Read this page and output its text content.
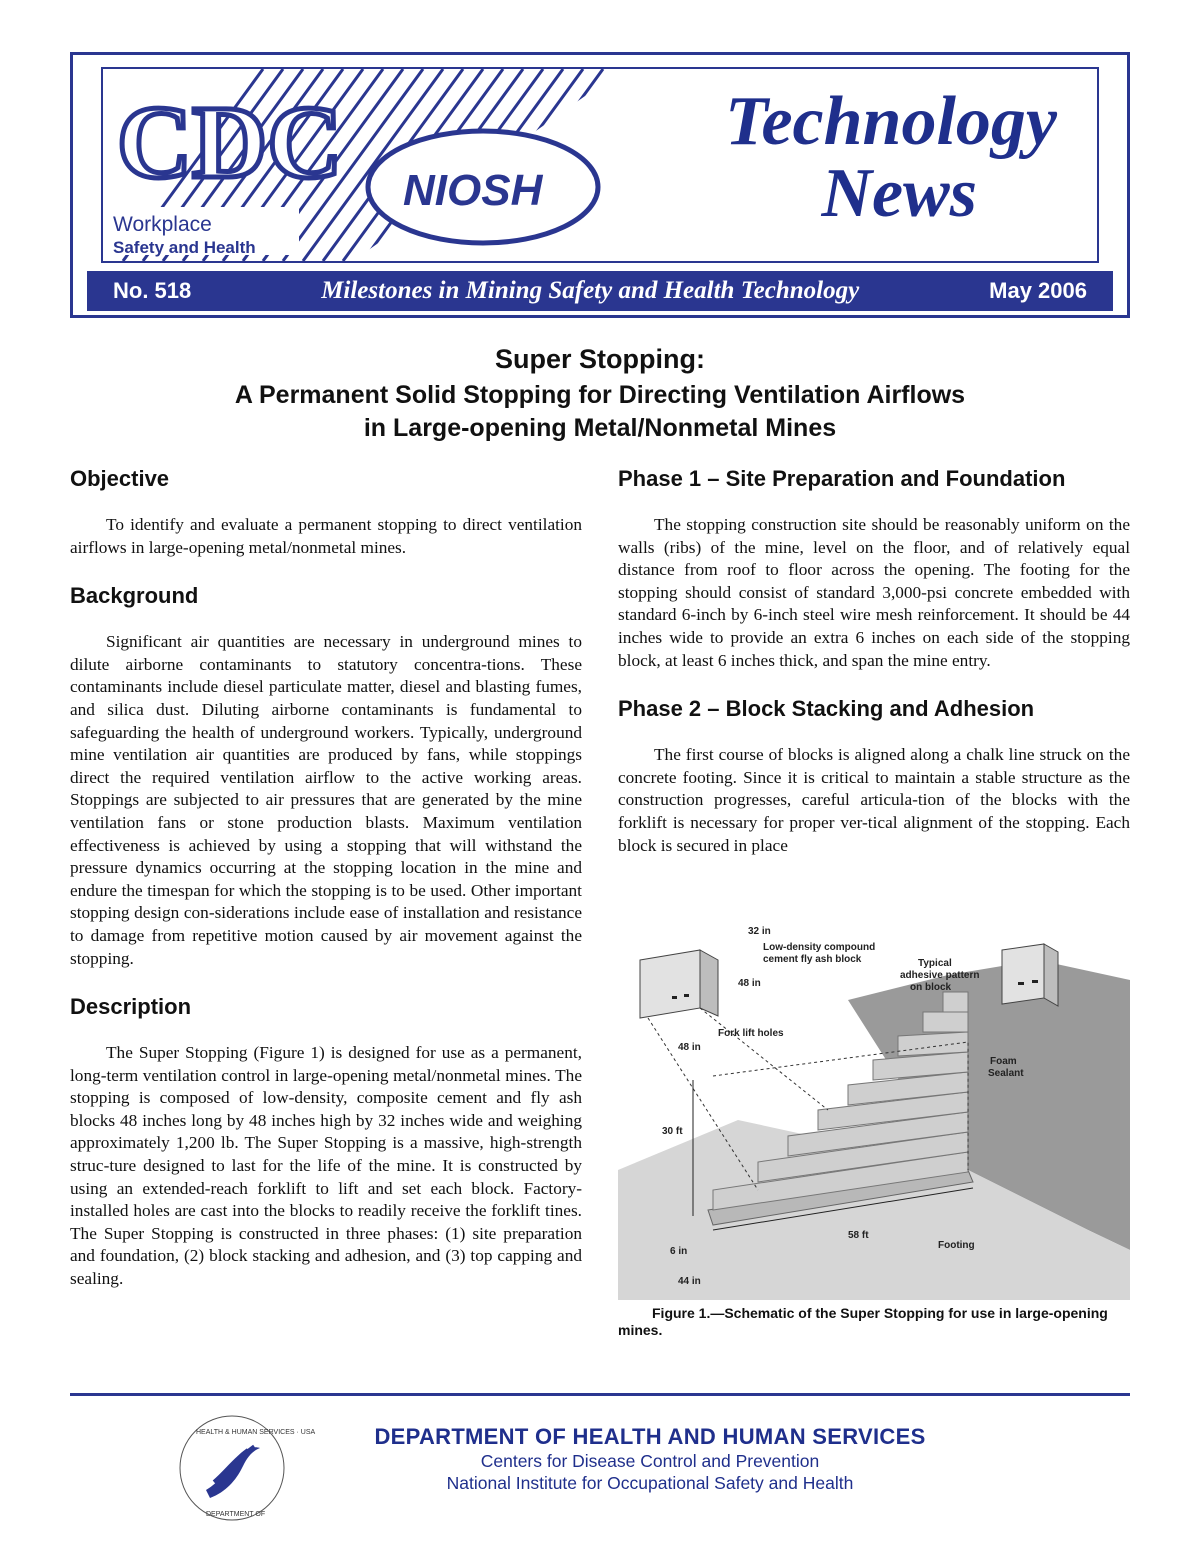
CDC
Workplace
Safety and Health
NIOSH
Technology
News
No. 518	Milestones in Mining Safety and Health Technology	May 2006
Super Stopping:
A Permanent Solid Stopping for Directing Ventilation Airflows
in Large-opening Metal/Nonmetal Mines
Objective

To identify and evaluate a permanent stopping to direct ventilation airflows in large-opening metal/nonmetal mines.

Background

Significant air quantities are necessary in underground mines to dilute airborne contaminants to statutory concentra-tions. These contaminants include diesel particulate matter, diesel and blasting fumes, and silica dust. Diluting airborne contaminants is fundamental to safeguarding the health of underground workers. Typically, underground mine ventilation air quantities are produced by fans, while stoppings direct the required ventilation airflow to the active working areas. Stoppings are subjected to air pressures that are generated by the mine ventilation fans or stone production blasts. Maximum ventilation effectiveness is achieved by using a stopping that will withstand the pressure dynamics occurring at the stopping location in the mine and endure the timespan for which the stopping is to be used. Other important stopping design con-siderations include ease of installation and resistance to damage from repetitive motion caused by air movement against the stopping.

Description

The Super Stopping (Figure 1) is designed for use as a permanent, long-term ventilation control in large-opening metal/nonmetal mines. The stopping is composed of low-density, composite cement and fly ash blocks 48 inches long by 48 inches high by 32 inches wide and weighing approximately 1,200 lb. The Super Stopping is a massive, high-strength struc-ture designed to last for the life of the mine. It is constructed by using an extended-reach forklift to lift and set each block. Factory-installed holes are cast into the blocks to readily receive the forklift tines. The Super Stopping is constructed in three phases: (1) site preparation and foundation, (2) block stacking and adhesion, and (3) top capping and sealing.

Phase 1 – Site Preparation and Foundation

The stopping construction site should be reasonably uniform on the walls (ribs) of the mine, level on the floor, and of relatively equal distance from roof to floor across the opening. The footing for the stopping should consist of standard 3,000-psi concrete embedded with standard 6-inch by 6-inch steel wire mesh reinforcement. It should be 44 inches wide to provide an extra 6 inches on each side of the stopping block, at least 6 inches thick, and span the mine entry.

Phase 2 – Block Stacking and Adhesion

The first course of blocks is aligned along a chalk line struck on the concrete footing. Since it is critical to maintain a stable structure as the construction progresses, careful articula-tion of the blocks with the forklift is necessary for proper ver-tical alignment of the stopping. Each block is secured in place

32 in
Low-density compound
cement fly ash block
48 in
Typical
adhesive pattern
on block
Fork lift holes
48 in
Foam
Sealant
30 ft
58 ft
Footing
6 in
44 in
Figure 1.—Schematic of the Super Stopping for use in large-opening mines.
HEALTH & HUMAN SERVICES · USA
DEPARTMENT OF
DEPARTMENT OF HEALTH AND HUMAN SERVICES
Centers for Disease Control and Prevention
National Institute for Occupational Safety and Health
